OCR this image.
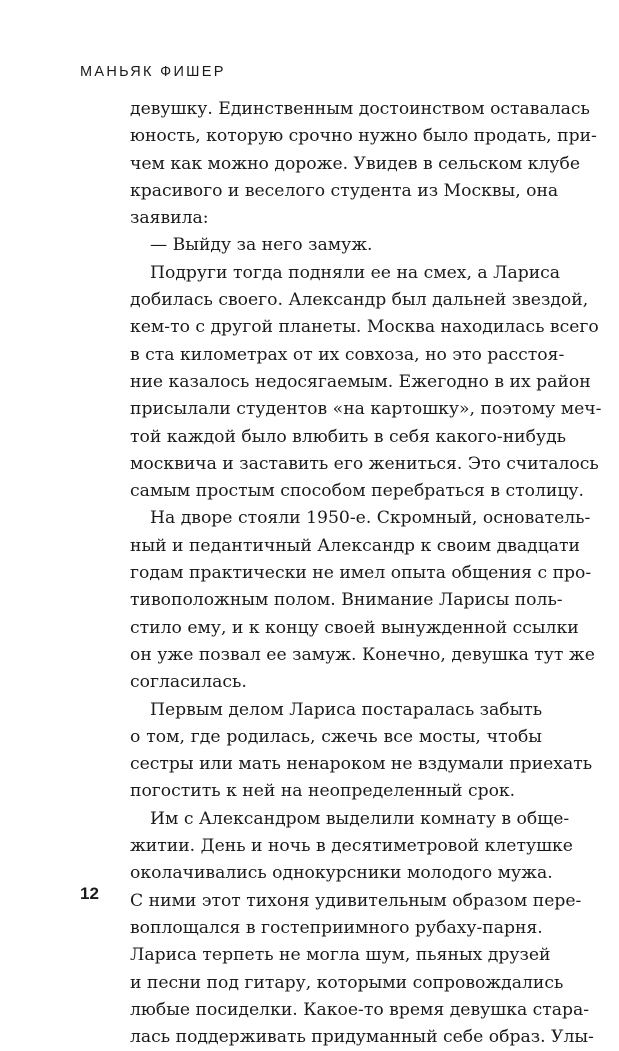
МАНЬЯК ФИШЕР
девушку. Единственным достоинством оставалась
юность, которую срочно нужно было продать, при-
чем как можно дороже. Увидев в сельском клубе
красивого и веселого студента из Москвы, она
заявила:
— Выйду за него замуж.
Подруги тогда подняли ее на смех, а Лариса
добилась своего. Александр был дальней звездой,
кем-то с другой планеты. Москва находилась всего
в ста километрах от их совхоза, но это расстоя-
ние казалось недосягаемым. Ежегодно в их район
присылали студентов «на картошку», поэтому меч-
той каждой было влюбить в себя какого-нибудь
москвича и заставить его жениться. Это считалось
самым простым способом перебраться в столицу.
На дворе стояли 1950-е. Скромный, основатель-
ный и педантичный Александр к своим двадцати
годам практически не имел опыта общения с про-
тивоположным полом. Внимание Ларисы поль-
стило ему, и к концу своей вынужденной ссылки
он уже позвал ее замуж. Конечно, девушка тут же
согласилась.
Первым делом Лариса постаралась забыть
о том, где родилась, сжечь все мосты, чтобы
сестры или мать ненароком не вздумали приехать
погостить к ней на неопределенный срок.
Им с Александром выделили комнату в обще-
житии. День и ночь в десятиметровой клетушке
околачивались однокурсники молодого мужа.
С ними этот тихоня удивительным образом пере-
воплощался в гостеприимного рубаху-парня.
Лариса терпеть не могла шум, пьяных друзей
и песни под гитару, которыми сопровождались
любые посиделки. Какое-то время девушка стара-
лась поддерживать придуманный себе образ. Улы-
12
